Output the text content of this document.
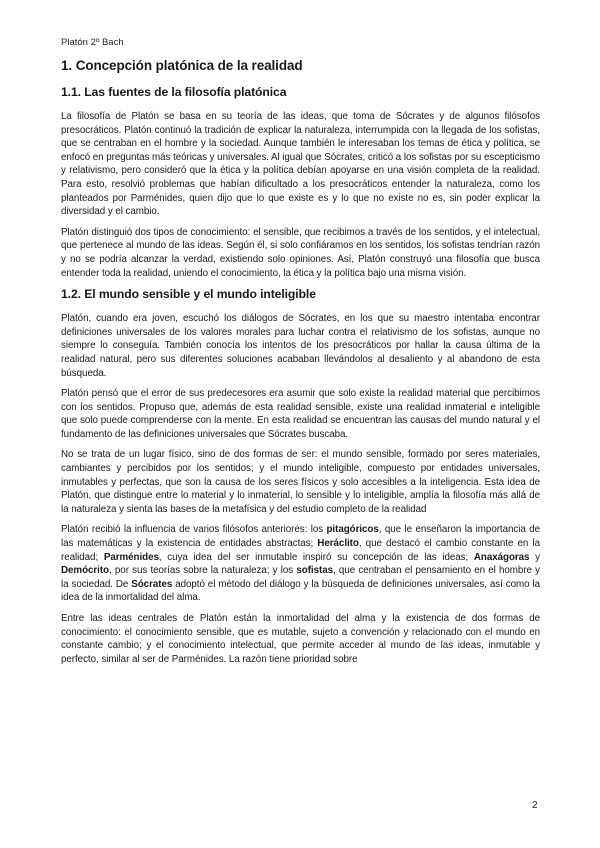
Platón 2º Bach
1. Concepción platónica de la realidad
1.1. Las fuentes de la filosofía platónica

La filosofía de Platón se basa en su teoría de las ideas, que toma de Sócrates y de algunos filósofos presocráticos. Platón continuó la tradición de explicar la naturaleza, interrumpida con la llegada de los sofistas, que se centraban en el hombre y la sociedad. Aunque también le interesaban los temas de ética y política, se enfocó en preguntas más teóricas y universales. Al igual que Sócrates, criticó a los sofistas por su escepticismo y relativismo, pero consideró que la ética y la política debían apoyarse en una visión completa de la realidad. Para esto, resolvió problemas que habían dificultado a los presocráticos entender la naturaleza, como los planteados por Parménides, quien dijo que lo que existe es y lo que no existe no es, sin poder explicar la diversidad y el cambio.

Platón distinguió dos tipos de conocimiento: el sensible, que recibimos a través de los sentidos, y el intelectual, que pertenece al mundo de las ideas. Según él, si solo confiáramos en los sentidos, los sofistas tendrían razón y no se podría alcanzar la verdad, existiendo solo opiniones. Así, Platón construyó una filosofía que busca entender toda la realidad, uniendo el conocimiento, la ética y la política bajo una misma visión.

1.2. El mundo sensible y el mundo inteligible

Platón, cuando era joven, escuchó los diálogos de Sócrates, en los que su maestro intentaba encontrar definiciones universales de los valores morales para luchar contra el relativismo de los sofistas, aunque no siempre lo conseguía. También conocía los intentos de los presocráticos por hallar la causa última de la realidad natural, pero sus diferentes soluciones acababan llevándolos al desaliento y al abandono de esta búsqueda.

Platón pensó que el error de sus predecesores era asumir que solo existe la realidad material que percibimos con los sentidos. Propuso que, además de esta realidad sensible, existe una realidad inmaterial e inteligible que solo puede comprenderse con la mente. En esta realidad se encuentran las causas del mundo natural y el fundamento de las definiciones universales que Sócrates buscaba.

No se trata de un lugar físico, sino de dos formas de ser: el mundo sensible, formado por seres materiales, cambiantes y percibidos por los sentidos; y el mundo inteligible, compuesto por entidades universales, inmutables y perfectas, que son la causa de los seres físicos y solo accesibles a la inteligencia. Esta idea de Platón, que distingue entre lo material y lo inmaterial, lo sensible y lo inteligible, amplía la filosofía más allá de la naturaleza y sienta las bases de la metafísica y del estudio completo de la realidad

Platón recibió la influencia de varios filósofos anteriores: los pitagóricos, que le enseñaron la importancia de las matemáticas y la existencia de entidades abstractas; Heráclito, que destacó el cambio constante en la realidad; Parménides, cuya idea del ser inmutable inspiró su concepción de las ideas; Anaxágoras y Demócrito, por sus teorías sobre la naturaleza; y los sofistas, que centraban el pensamiento en el hombre y la sociedad. De Sócrates adoptó el método del diálogo y la búsqueda de definiciones universales, así como la idea de la inmortalidad del alma.

Entre las ideas centrales de Platón están la inmortalidad del alma y la existencia de dos formas de conocimiento: el conocimiento sensible, que es mutable, sujeto a convención y relacionado con el mundo en constante cambio; y el conocimiento intelectual, que permite acceder al mundo de las ideas, inmutable y perfecto, similar al ser de Parménides. La razón tiene prioridad sobre

2
